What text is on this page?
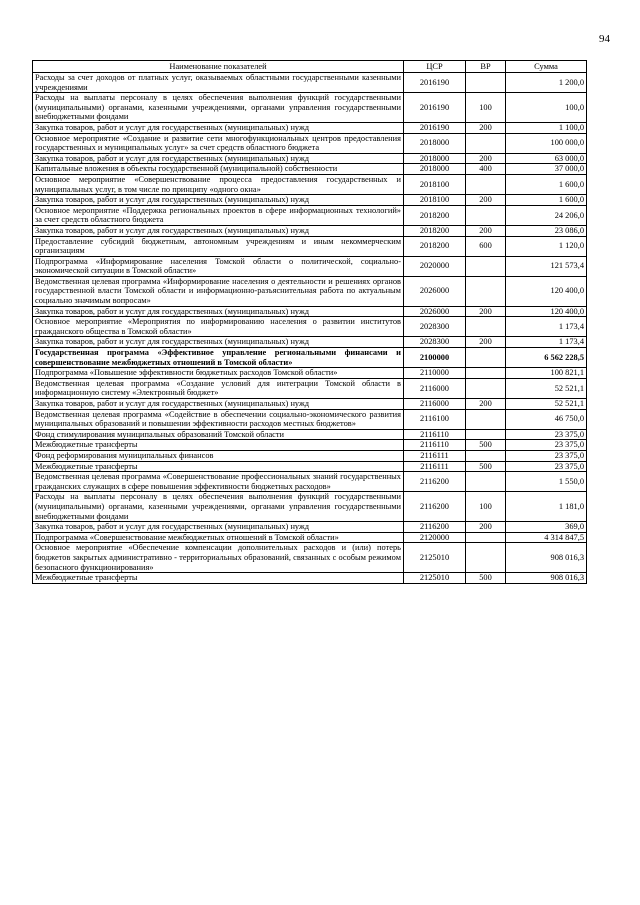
94
Наименование показателей	ЦСР	ВР	Сумма
Расходы за счет доходов от платных услуг, оказываемых областными государственными казенными учреждениями	2016190		1 200,0
Расходы на выплаты персоналу в целях обеспечения выполнения функций государственными (муниципальными) органами, казенными учреждениями, органами управления государственными внебюджетными фондами	2016190	100	100,0
Закупка товаров, работ и услуг для государственных (муниципальных) нужд	2016190	200	1 100,0
Основное мероприятие «Создание и развитие сети многофункциональных центров предоставления государственных и муниципальных услуг» за счет средств областного бюджета	2018000		100 000,0
Закупка товаров, работ и услуг для государственных (муниципальных) нужд	2018000	200	63 000,0
Капитальные вложения в объекты государственной (муниципальной) собственности	2018000	400	37 000,0
Основное мероприятие «Совершенствование процесса предоставления государственных и муниципальных услуг, в том числе по принципу «одного окна»	2018100		1 600,0
Закупка товаров, работ и услуг для государственных (муниципальных) нужд	2018100	200	1 600,0
Основное мероприятие «Поддержка региональных проектов в сфере информационных технологий» за счет средств областного бюджета	2018200		24 206,0
Закупка товаров, работ и услуг для государственных (муниципальных) нужд	2018200	200	23 086,0
Предоставление субсидий бюджетным, автономным учреждениям и иным некоммерческим организациям	2018200	600	1 120,0
Подпрограмма «Информирование населения Томской области о политической, социально-экономической ситуации в Томской области»	2020000		121 573,4
Ведомственная целевая программа «Информирование населения о деятельности и решениях органов государственной власти Томской области и информационно-разъяснительная работа по актуальным социально значимым вопросам»	2026000		120 400,0
Закупка товаров, работ и услуг для государственных (муниципальных) нужд	2026000	200	120 400,0
Основное мероприятие «Мероприятия по информированию населения о развитии институтов гражданского общества в Томской области»	2028300		1 173,4
Закупка товаров, работ и услуг для государственных (муниципальных) нужд	2028300	200	1 173,4
Государственная программа «Эффективное управление региональными финансами и совершенствование межбюджетных отношений в Томской области»	2100000		6 562 228,5
Подпрограмма «Повышение эффективности бюджетных расходов Томской области»	2110000		100 821,1
Ведомственная целевая программа «Создание условий для интеграции Томской области в информационную систему «Электронный бюджет»	2116000		52 521,1
Закупка товаров, работ и услуг для государственных (муниципальных) нужд	2116000	200	52 521,1
Ведомственная целевая программа «Содействие в обеспечении социально-экономического развития муниципальных образований и повышении эффективности расходов местных бюджетов»	2116100		46 750,0
Фонд стимулирования муниципальных образований Томской области	2116110		23 375,0
Межбюджетные трансферты	2116110	500	23 375,0
Фонд реформирования муниципальных финансов	2116111		23 375,0
Межбюджетные трансферты	2116111	500	23 375,0
Ведомственная целевая программа «Совершенствование профессиональных знаний государственных гражданских служащих в сфере повышения эффективности бюджетных расходов»	2116200		1 550,0
Расходы на выплаты персоналу в целях обеспечения выполнения функций государственными (муниципальными) органами, казенными учреждениями, органами управления государственными внебюджетными фондами	2116200	100	1 181,0
Закупка товаров, работ и услуг для государственных (муниципальных) нужд	2116200	200	369,0
Подпрограмма «Совершенствование межбюджетных отношений в Томской области»	2120000		4 314 847,5
Основное мероприятие «Обеспечение компенсации дополнительных расходов и (или) потерь бюджетов закрытых административно - территориальных образований, связанных с особым режимом безопасного функционирования»	2125010		908 016,3
Межбюджетные трансферты	2125010	500	908 016,3
